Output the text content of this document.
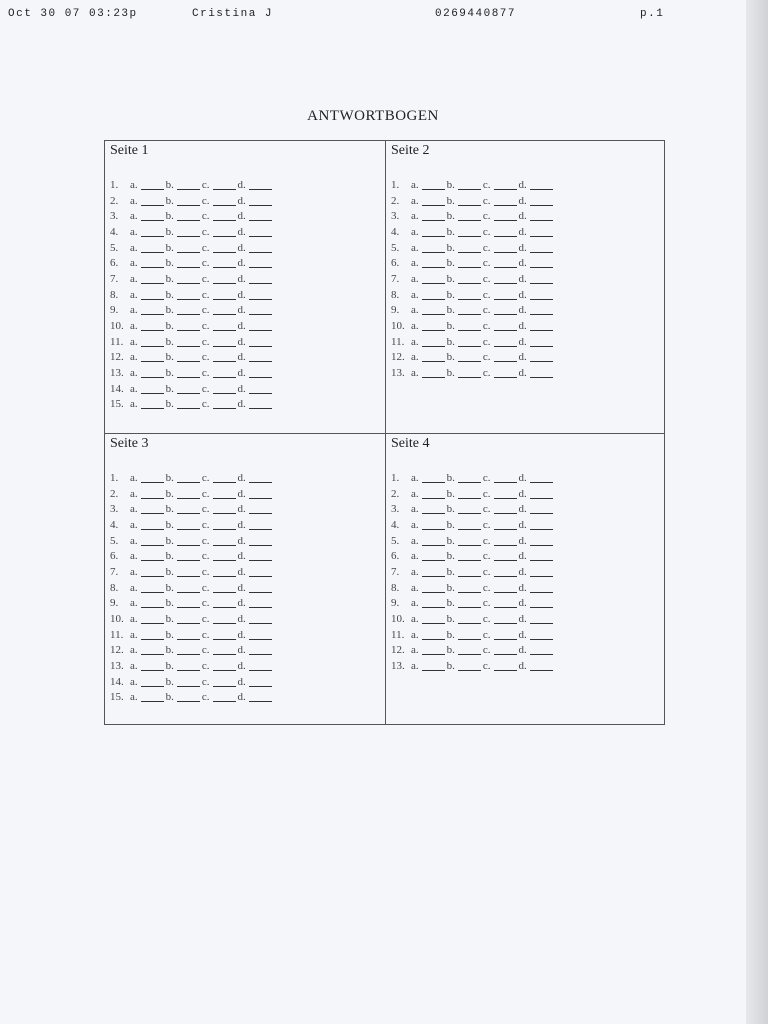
Oct 30 07 03:23p	Cristina J	0269440877	p.1
ANTWORTBOGEN
Seite 1
1.	a.	b.	c.	d.
2.	a.	b.	c.	d.
3.	a.	b.	c.	d.
4.	a.	b.	c.	d.
5.	a.	b.	c.	d.
6.	a.	b.	c.	d.
7.	a.	b.	c.	d.
8.	a.	b.	c.	d.
9.	a.	b.	c.	d.
10. a.	b.	c.	d.
11. a.	b.	c.	d.
12. a.	b.	c.	d.
13. a.	b.	c.	d.
14. a.	b.	c.	d.
15. a.	b.	c.	d.
Seite 2
1.	a.	b.	c.	d.
2.	a.	b.	c.	d.
3.	a.	b.	c.	d.
4.	a.	b.	c.	d.
5.	a.	b.	c.	d.
6.	a.	b.	c.	d.
7.	a.	b.	c.	d.
8.	a.	b.	c.	d.
9.	a.	b.	c.	d.
10. a.	b.	c.	d.
11. a.	b.	c.	d.
12. a.	b.	c.	d.
13. a.	b.	c.	d.
Seite 3
1.	a.	b.	c.	d.
2.	a.	b.	c.	d.
3.	a.	b.	c.	d.
4.	a.	b.	c.	d.
5.	a.	b.	c.	d.
6.	a.	b.	c.	d.
7.	a.	b.	c.	d.
8.	a.	b.	c.	d.
9.	a.	b.	c.	d.
10. a.	b.	c.	d.
11. a.	b.	c.	d.
12. a.	b.	c.	d.
13. a.	b.	c.	d.
14. a.	b.	c.	d.
15. a.	b.	c.	d.
Seite 4
1.	a.	b.	c.	d.
2.	a.	b.	c.	d.
3.	a.	b.	c.	d.
4.	a.	b.	c.	d.
5.	a.	b.	c.	d.
6.	a.	b.	c.	d.
7.	a.	b.	c.	d.
8.	a.	b.	c.	d.
9.	a.	b.	c.	d.
10. a.	b.	c.	d.
11. a.	b.	c.	d.
12. a.	b.	c.	d.
13. a.	b.	c.	d.
